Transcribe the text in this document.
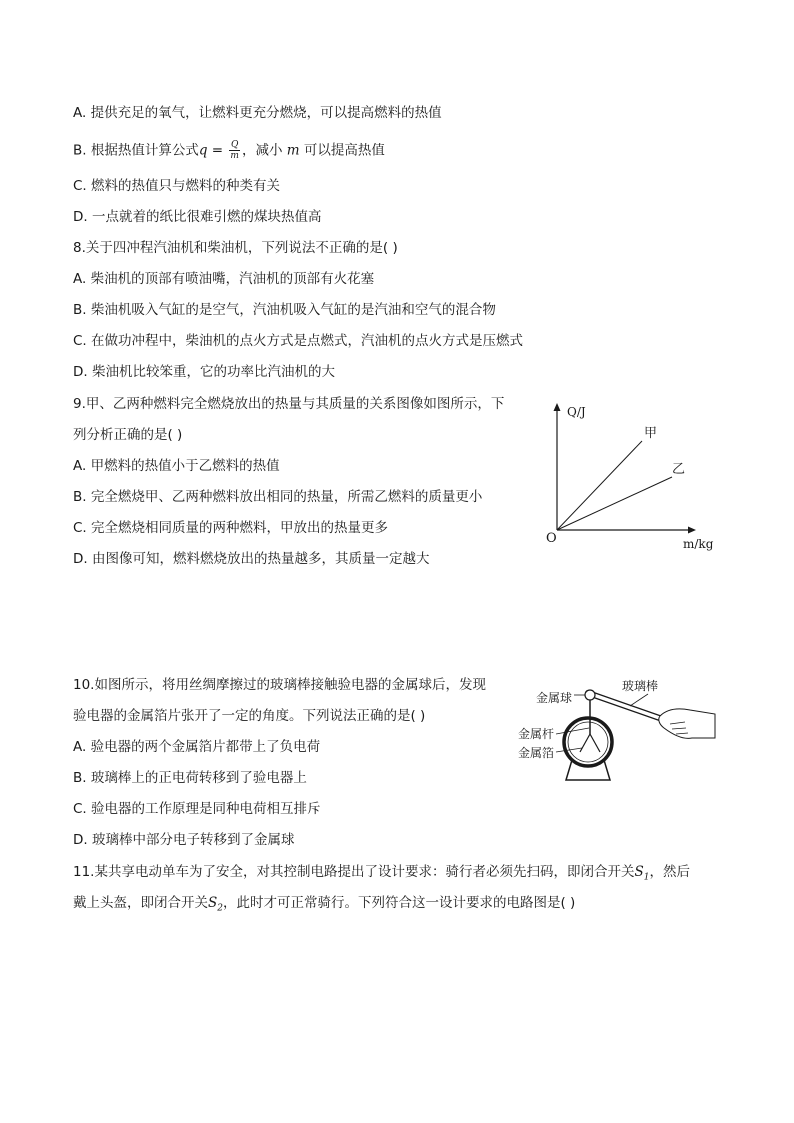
A. 提供充足的氧气，让燃料更充分燃烧，可以提高燃料的热值
B. 根据热值计算公式$q = \frac{Q}{m}$ ，减小 m 可以提高热值
C. 燃料的热值只与燃料的种类有关
D. 一点就着的纸比很难引燃的煤块热值高
8.关于四冲程汽油机和柴油机，下列说法不正确的是( )
A. 柴油机的顶部有喷油嘴，汽油机的顶部有火花塞
B. 柴油机吸入气缸的是空气，汽油机吸入气缸的是汽油和空气的混合物
C. 在做功冲程中，柴油机的点火方式是点燃式，汽油机的点火方式是压燃式
D. 柴油机比较笨重，它的功率比汽油机的大
9.甲、乙两种燃料完全燃烧放出的热量与其质量的关系图像如图所示，下
列分析正确的是( )
A. 甲燃料的热值小于乙燃料的热值
B. 完全燃烧甲、乙两种燃料放出相同的热量，所需乙燃料的质量更小
C. 完全燃烧相同质量的两种燃料，甲放出的热量更多
D. 由图像可知，燃料燃烧放出的热量越多，其质量一定越大
Q/J
m/kg
O
甲
乙
10.如图所示，将用丝绸摩擦过的玻璃棒接触验电器的金属球后，发现
验电器的金属箔片张开了一定的角度。下列说法正确的是( )
A. 验电器的两个金属箔片都带上了负电荷
B. 玻璃棒上的正电荷转移到了验电器上
C. 验电器的工作原理是同种电荷相互排斥
D. 玻璃棒中部分电子转移到了金属球
金属球
玻璃棒
金属杆
金属箔
11.某共享电动单车为了安全，对其控制电路提出了设计要求：骑行者必须先扫码，即闭合开关$S_1$，然后
戴上头盔，即闭合开关$S_2$，此时才可正常骑行。下列符合这一设计要求的电路图是( )
